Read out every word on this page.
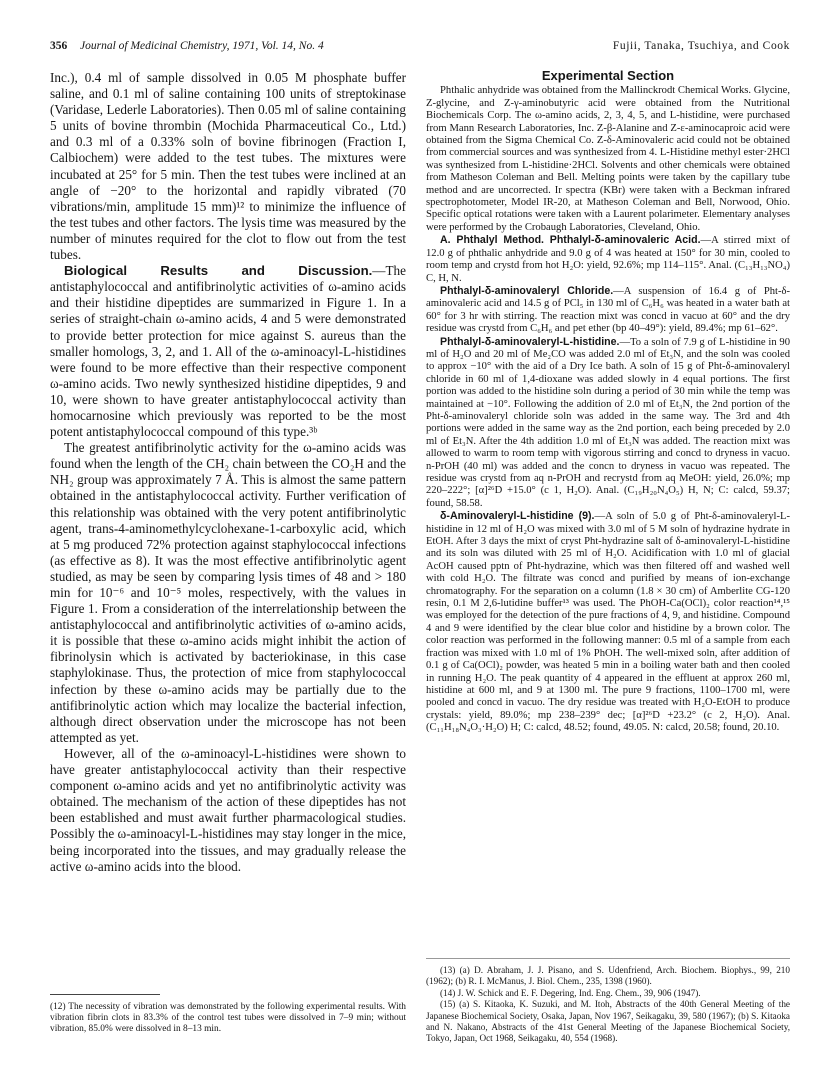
356 Journal of Medicinal Chemistry, 1971, Vol. 14, No. 4	Fujii, Tanaka, Tsuchiya, and Cook

Inc.), 0.4 ml of sample dissolved in 0.05 M phosphate buffer saline, and 0.1 ml of saline containing 100 units of streptokinase (Varidase, Lederle Laboratories). Then 0.05 ml of saline containing 5 units of bovine thrombin (Mochida Pharmaceutical Co., Ltd.) and 0.3 ml of a 0.33% soln of bovine fibrinogen (Fraction I, Calbiochem) were added to the test tubes. The mixtures were incubated at 25° for 5 min. Then the test tubes were inclined at an angle of −20° to the horizontal and rapidly vibrated (70 vibrations/min, amplitude 15 mm)¹² to minimize the influence of the test tubes and other factors. The lysis time was measured by the number of minutes required for the clot to flow out from the test tubes.

Biological Results and Discussion.—The antistaphylococcal and antifibrinolytic activities of ω-amino acids and their histidine dipeptides are summarized in Figure 1. In a series of straight-chain ω-amino acids, 4 and 5 were demonstrated to provide better protection for mice against S. aureus than the smaller homologs, 3, 2, and 1. All of the ω-aminoacyl-L-histidines were found to be more effective than their respective component ω-amino acids. Two newly synthesized histidine dipeptides, 9 and 10, were shown to have greater antistaphylococcal activity than homocarnosine which previously was reported to be the most potent antistaphylococcal compound of this type.³ᵇ

The greatest antifibrinolytic activity for the ω-amino acids was found when the length of the CH₂ chain between the CO₂H and the NH₂ group was approximately 7 Å. This is almost the same pattern obtained in the antistaphylococcal activity. Further verification of this relationship was obtained with the very potent antifibrinolytic agent, trans-4-aminomethylcyclohexane-1-carboxylic acid, which at 5 mg produced 72% protection against staphylococcal infections (as effective as 8). It was the most effective antifibrinolytic agent studied, as may be seen by comparing lysis times of 48 and > 180 min for 10⁻⁶ and 10⁻⁵ moles, respectively, with the values in Figure 1. From a consideration of the interrelationship between the antistaphylococcal and antifibrinolytic activities of ω-amino acids, it is possible that these ω-amino acids might inhibit the action of fibrinolysin which is activated by bacteriokinase, in this case staphylokinase. Thus, the protection of mice from staphylococcal infection by these ω-amino acids may be partially due to the antifibrinolytic action which may localize the bacterial infection, although direct observation under the microscope has not been attempted as yet.

However, all of the ω-aminoacyl-L-histidines were shown to have greater antistaphylococcal activity than their respective component ω-amino acids and yet no antifibrinolytic activity was obtained. The mechanism of the action of these dipeptides has not been established and must await further pharmacological studies. Possibly the ω-aminoacyl-L-histidines may stay longer in the mice, being incorporated into the tissues, and may gradually release the active ω-amino acids into the blood.

(12) The necessity of vibration was demonstrated by the following experimental results. With vibration fibrin clots in 83.3% of the control test tubes were dissolved in 7–9 min; without vibration, 85.0% were dissolved in 8–13 min.
Experimental Section

Phthalic anhydride was obtained from the Mallinckrodt Chemical Works. Glycine, Z-glycine, and Z-γ-aminobutyric acid were obtained from the Nutritional Biochemicals Corp. The ω-amino acids, 2, 3, 4, 5, and L-histidine, were purchased from Mann Research Laboratories, Inc. Z-β-Alanine and Z-ε-aminocaproic acid were obtained from the Sigma Chemical Co. Z-δ-Aminovaleric acid could not be obtained from commercial sources and was synthesized from 4. L-Histidine methyl ester·2HCl was synthesized from L-histidine·2HCl. Solvents and other chemicals were obtained from Matheson Coleman and Bell. Melting points were taken by the capillary tube method and are uncorrected. Ir spectra (KBr) were taken with a Beckman infrared spectrophotometer, Model IR-20, at Matheson Coleman and Bell, Norwood, Ohio. Specific optical rotations were taken with a Laurent polarimeter. Elementary analyses were performed by the Crobaugh Laboratories, Cleveland, Ohio.

A. Phthalyl Method. Phthalyl-δ-aminovaleric Acid.—A stirred mixt of 12.0 g of phthalic anhydride and 9.0 g of 4 was heated at 150° for 30 min, cooled to room temp and crystd from hot H₂O: yield, 92.6%; mp 114–115°. Anal. (C₁₃H₁₃NO₄) C, H, N.

Phthalyl-δ-aminovaleryl Chloride.—A suspension of 16.4 g of Pht-δ-aminovaleric acid and 14.5 g of PCl₅ in 130 ml of C₆H₆ was heated in a water bath at 60° for 3 hr with stirring. The reaction mixt was concd in vacuo at 60° and the dry residue was crystd from C₆H₆ and pet ether (bp 40–49°): yield, 89.4%; mp 61–62°.

Phthalyl-δ-aminovaleryl-L-histidine.—To a soln of 7.9 g of L-histidine in 90 ml of H₂O and 20 ml of Me₂CO was added 2.0 ml of Et₃N, and the soln was cooled to approx −10° with the aid of a Dry Ice bath. A soln of 15 g of Pht-δ-aminovaleryl chloride in 60 ml of 1,4-dioxane was added slowly in 4 equal portions. The first portion was added to the histidine soln during a period of 30 min while the temp was maintained at −10°. Following the addition of 2.0 ml of Et₃N, the 2nd portion of the Pht-δ-aminovaleryl chloride soln was added in the same way. The 3rd and 4th portions were added in the same way as the 2nd portion, each being preceded by 2.0 ml of Et₃N. After the 4th addition 1.0 ml of Et₃N was added. The reaction mixt was allowed to warm to room temp with vigorous stirring and concd to dryness in vacuo. n-PrOH (40 ml) was added and the concn to dryness in vacuo was repeated. The residue was crystd from aq n-PrOH and recrystd from aq MeOH: yield, 26.0%; mp 220–222°; [α]²⁶D +15.0° (c 1, H₂O). Anal. (C₁₉H₂₀N₄O₅) H, N; C: calcd, 59.37; found, 58.58.

δ-Aminovaleryl-L-histidine (9).—A soln of 5.0 g of Pht-δ-aminovaleryl-L-histidine in 12 ml of H₂O was mixed with 3.0 ml of 5 M soln of hydrazine hydrate in EtOH. After 3 days the mixt of cryst Pht-hydrazine salt of δ-aminovaleryl-L-histidine and its soln was diluted with 25 ml of H₂O. Acidification with 1.0 ml of glacial AcOH caused pptn of Pht-hydrazine, which was then filtered off and washed well with cold H₂O. The filtrate was concd and purified by means of ion-exchange chromatography. For the separation on a column (1.8 × 30 cm) of Amberlite CG-120 resin, 0.1 M 2,6-lutidine buffer¹³ was used. The PhOH-Ca(OCl)₂ color reaction¹⁴,¹⁵ was employed for the detection of the pure fractions of 4, 9, and histidine. Compound 4 and 9 were identified by the clear blue color and histidine by a brown color. The color reaction was performed in the following manner: 0.5 ml of a sample from each fraction was mixed with 1.0 ml of 1% PhOH. The well-mixed soln, after addition of 0.1 g of Ca(OCl)₂ powder, was heated 5 min in a boiling water bath and then cooled in running H₂O. The peak quantity of 4 appeared in the effluent at approx 260 ml, histidine at 600 ml, and 9 at 1300 ml. The pure 9 fractions, 1100–1700 ml, were pooled and concd in vacuo. The dry residue was treated with H₂O-EtOH to produce crystals: yield, 89.0%; mp 238–239° dec; [α]²⁶D +23.2° (c 2, H₂O). Anal. (C₁₁H₁₈N₄O₃·H₂O) H; C: calcd, 48.52; found, 49.05. N: calcd, 20.58; found, 20.10.

(13) (a) D. Abraham, J. J. Pisano, and S. Udenfriend, Arch. Biochem. Biophys., 99, 210 (1962); (b) R. I. McManus, J. Biol. Chem., 235, 1398 (1960).

(14) J. W. Schick and E. F. Degering, Ind. Eng. Chem., 39, 906 (1947).

(15) (a) S. Kitaoka, K. Suzuki, and M. Itoh, Abstracts of the 40th General Meeting of the Japanese Biochemical Society, Osaka, Japan, Nov 1967, Seikagaku, 39, 580 (1967); (b) S. Kitaoka and N. Nakano, Abstracts of the 41st General Meeting of the Japanese Biochemical Society, Tokyo, Japan, Oct 1968, Seikagaku, 40, 554 (1968).
